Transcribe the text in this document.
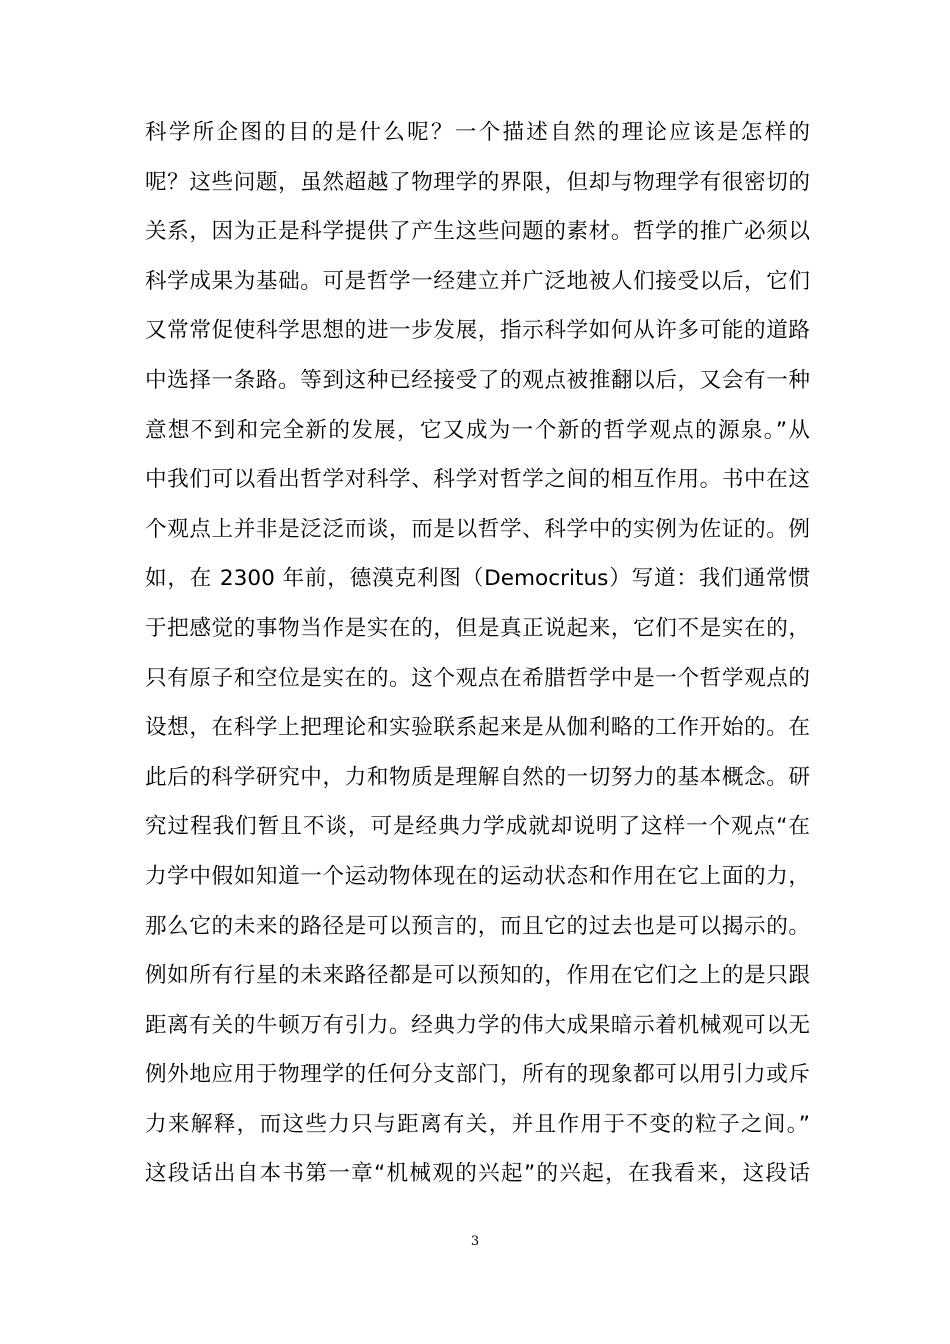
科学所企图的目的是什么呢？一个描述自然的理论应该是怎样的
呢？这些问题，虽然超越了物理学的界限，但却与物理学有很密切的
关系，因为正是科学提供了产生这些问题的素材。哲学的推广必须以
科学成果为基础。可是哲学一经建立并广泛地被人们接受以后，它们
又常常促使科学思想的进一步发展，指示科学如何从许多可能的道路
中选择一条路。等到这种已经接受了的观点被推翻以后，又会有一种
意想不到和完全新的发展，它又成为一个新的哲学观点的源泉。”从
中我们可以看出哲学对科学、科学对哲学之间的相互作用。书中在这
个观点上并非是泛泛而谈，而是以哲学、科学中的实例为佐证的。例
如，在 2300 年前，德漠克利图（Democritus）写道：我们通常惯
于把感觉的事物当作是实在的，但是真正说起来，它们不是实在的，
只有原子和空位是实在的。这个观点在希腊哲学中是一个哲学观点的
设想，在科学上把理论和实验联系起来是从伽利略的工作开始的。在
此后的科学研究中，力和物质是理解自然的一切努力的基本概念。研
究过程我们暂且不谈，可是经典力学成就却说明了这样一个观点“在
力学中假如知道一个运动物体现在的运动状态和作用在它上面的力，
那么它的未来的路径是可以预言的，而且它的过去也是可以揭示的。
例如所有行星的未来路径都是可以预知的，作用在它们之上的是只跟
距离有关的牛顿万有引力。经典力学的伟大成果暗示着机械观可以无
例外地应用于物理学的任何分支部门，所有的现象都可以用引力或斥
力来解释，而这些力只与距离有关，并且作用于不变的粒子之间。”
这段话出自本书第一章“机械观的兴起”的兴起，在我看来，这段话
3
